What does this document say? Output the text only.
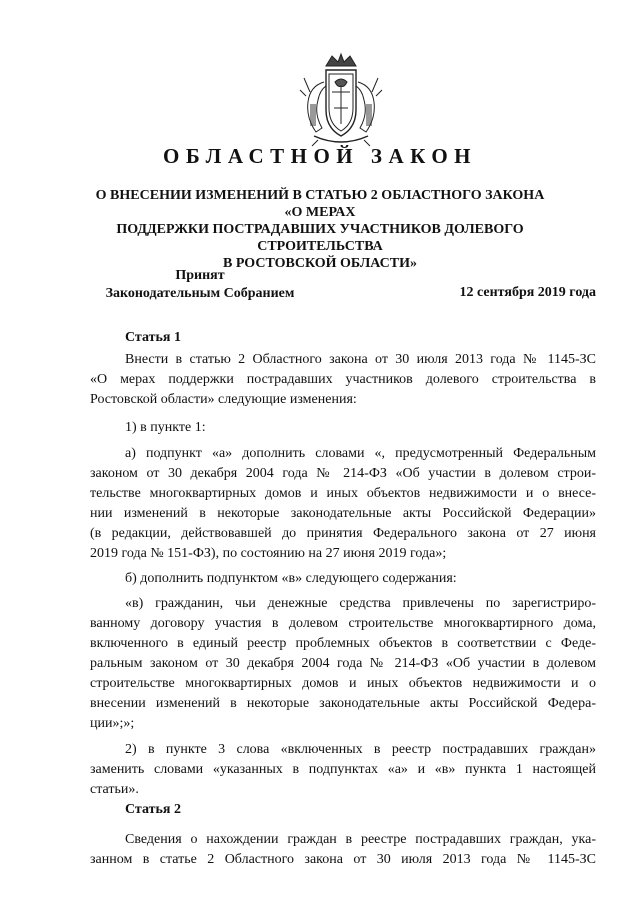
ОБЛАСТНОЙ ЗАКОН
О ВНЕСЕНИИ ИЗМЕНЕНИЙ В СТАТЬЮ 2 ОБЛАСТНОГО ЗАКОНА «О МЕРАХ
ПОДДЕРЖКИ ПОСТРАДАВШИХ УЧАСТНИКОВ ДОЛЕВОГО СТРОИТЕЛЬСТВА
В РОСТОВСКОЙ ОБЛАСТИ»
Принят
Законодательным Собранием	12 сентября 2019 года
Статья 1
Внести в статью 2 Областного закона от 30 июля 2013 года № 1145-ЗС
«О мерах поддержки пострадавших участников долевого строительства в
Ростовской области» следующие изменения:
1) в пункте 1:
а) подпункт «а» дополнить словами «, предусмотренный Федеральным
законом от 30 декабря 2004 года № 214-ФЗ «Об участии в долевом строи-
тельстве многоквартирных домов и иных объектов недвижимости и о внесе-
нии изменений в некоторые законодательные акты Российской Федерации»
(в редакции, действовавшей до принятия Федерального закона от 27 июня
2019 года № 151-ФЗ), по состоянию на 27 июня 2019 года»;
б) дополнить подпунктом «в» следующего содержания:
«в) гражданин, чьи денежные средства привлечены по зарегистриро-
ванному договору участия в долевом строительстве многоквартирного дома,
включенного в единый реестр проблемных объектов в соответствии с Феде-
ральным законом от 30 декабря 2004 года № 214-ФЗ «Об участии в долевом
строительстве многоквартирных домов и иных объектов недвижимости и о
внесении изменений в некоторые законодательные акты Российской Федера-
ции»;»;
2) в пункте 3 слова «включенных в реестр пострадавших граждан»
заменить словами «указанных в подпунктах «а» и «в» пункта 1 настоящей
статьи».
Статья 2
Сведения о нахождении граждан в реестре пострадавших граждан, ука-
занном в статье 2 Областного закона от 30 июля 2013 года № 1145-ЗС
